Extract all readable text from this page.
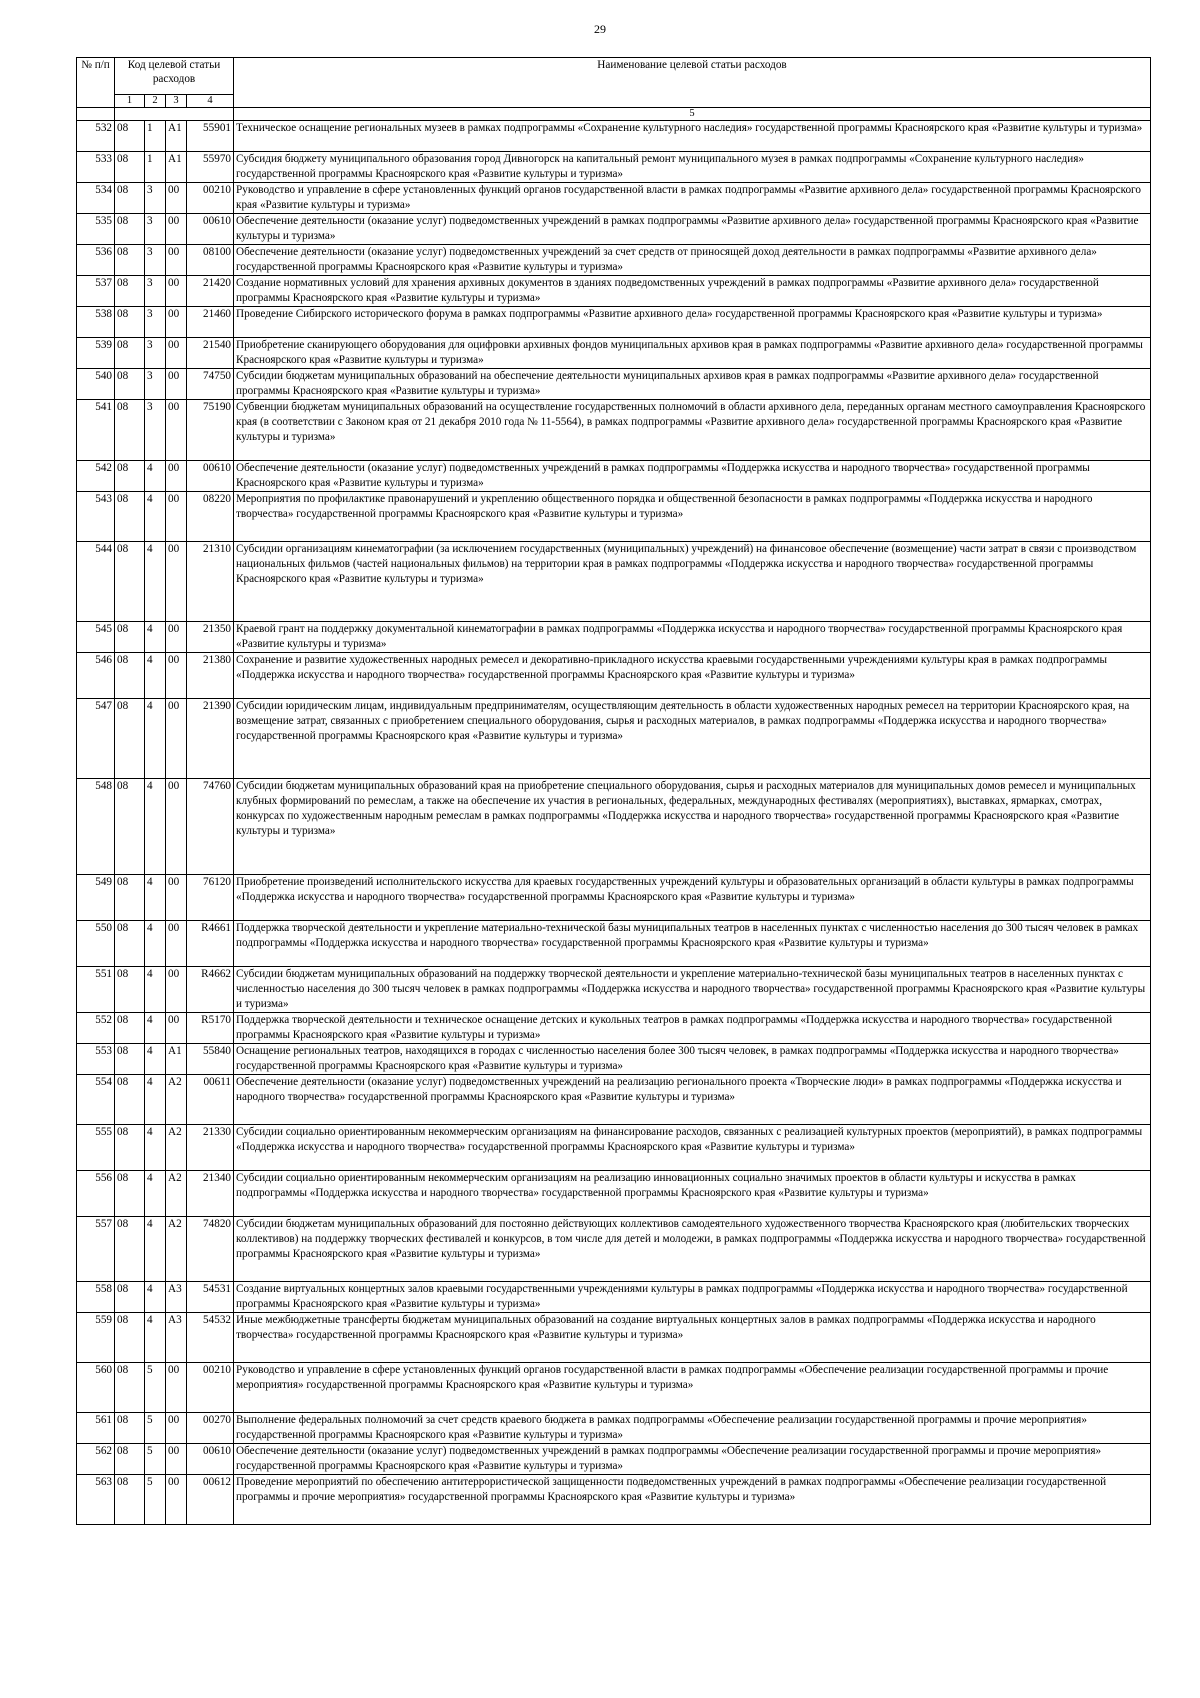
29
№ п/п	Код целевой статьи расходов				Наименование целевой статьи расходов
	1	2	3	4	
					5
532	08	1	A1	55901	Техническое оснащение региональных музеев в рамках подпрограммы «Сохранение культурного наследия» государственной программы Красноярского края «Развитие культуры и туризма»
533	08	1	A1	55970	Субсидия бюджету муниципального образования город Дивногорск на капитальный ремонт муниципального музея в рамках подпрограммы «Сохранение культурного наследия» государственной программы Красноярского края «Развитие культуры и туризма»
534	08	3	00	00210	Руководство и управление в сфере установленных функций органов государственной власти в рамках подпрограммы «Развитие архивного дела» государственной программы Красноярского края «Развитие культуры и туризма»
535	08	3	00	00610	Обеспечение деятельности (оказание услуг) подведомственных учреждений в рамках подпрограммы «Развитие архивного дела» государственной программы Красноярского края «Развитие культуры и туризма»
536	08	3	00	08100	Обеспечение деятельности (оказание услуг) подведомственных учреждений за счет средств от приносящей доход деятельности в рамках подпрограммы «Развитие архивного дела» государственной программы Красноярского края «Развитие культуры и туризма»
537	08	3	00	21420	Создание нормативных условий для хранения архивных документов в зданиях подведомственных учреждений в рамках подпрограммы «Развитие архивного дела» государственной программы Красноярского края «Развитие культуры и туризма»
538	08	3	00	21460	Проведение Сибирского исторического форума в рамках подпрограммы «Развитие архивного дела» государственной программы Красноярского края «Развитие культуры и туризма»
539	08	3	00	21540	Приобретение сканирующего оборудования для оцифровки архивных фондов муниципальных архивов края в рамках подпрограммы «Развитие архивного дела» государственной программы Красноярского края «Развитие культуры и туризма»
540	08	3	00	74750	Субсидии бюджетам муниципальных образований на обеспечение деятельности муниципальных архивов края в рамках подпрограммы «Развитие архивного дела» государственной программы Красноярского края «Развитие культуры и туризма»
541	08	3	00	75190	Субвенции бюджетам муниципальных образований на осуществление государственных полномочий в области архивного дела, переданных органам местного самоуправления Красноярского края (в соответствии с Законом края от 21 декабря 2010 года № 11-5564), в рамках подпрограммы «Развитие архивного дела» государственной программы Красноярского края «Развитие культуры и туризма»
542	08	4	00	00610	Обеспечение деятельности (оказание услуг) подведомственных учреждений в рамках подпрограммы «Поддержка искусства и народного творчества» государственной программы Красноярского края «Развитие культуры и туризма»
543	08	4	00	08220	Мероприятия по профилактике правонарушений и укреплению общественного порядка и общественной безопасности в рамках подпрограммы «Поддержка искусства и народного творчества» государственной программы Красноярского края «Развитие культуры и туризма»
544	08	4	00	21310	Субсидии организациям кинематографии (за исключением государственных (муниципальных) учреждений) на финансовое обеспечение (возмещение) части затрат в связи с производством национальных фильмов (частей национальных фильмов) на территории края в рамках подпрограммы «Поддержка искусства и народного творчества» государственной программы Красноярского края «Развитие культуры и туризма»
545	08	4	00	21350	Краевой грант на поддержку документальной кинематографии в рамках подпрограммы «Поддержка искусства и народного творчества» государственной программы Красноярского края «Развитие культуры и туризма»
546	08	4	00	21380	Сохранение и развитие художественных народных ремесел и декоративно-прикладного искусства краевыми государственными учреждениями культуры края в рамках подпрограммы «Поддержка искусства и народного творчества» государственной программы Красноярского края «Развитие культуры и туризма»
547	08	4	00	21390	Субсидии юридическим лицам, индивидуальным предпринимателям, осуществляющим деятельность в области художественных народных ремесел на территории Красноярского края, на возмещение затрат, связанных с приобретением специального оборудования, сырья и расходных материалов, в рамках подпрограммы «Поддержка искусства и народного творчества» государственной программы Красноярского края «Развитие культуры и туризма»
548	08	4	00	74760	Субсидии бюджетам муниципальных образований края на приобретение специального оборудования, сырья и расходных материалов для муниципальных домов ремесел и муниципальных клубных формирований по ремеслам, а также на обеспечение их участия в региональных, федеральных, международных фестивалях (мероприятиях), выставках, ярмарках, смотрах, конкурсах по художественным народным ремеслам в рамках подпрограммы «Поддержка искусства и народного творчества» государственной программы Красноярского края «Развитие культуры и туризма»
549	08	4	00	76120	Приобретение произведений исполнительского искусства для краевых государственных учреждений культуры и образовательных организаций в области культуры в рамках подпрограммы «Поддержка искусства и народного творчества» государственной программы Красноярского края «Развитие культуры и туризма»
550	08	4	00	R4661	Поддержка творческой деятельности и укрепление материально-технической базы муниципальных театров в населенных пунктах с численностью населения до 300 тысяч человек в рамках подпрограммы «Поддержка искусства и народного творчества» государственной программы Красноярского края «Развитие культуры и туризма»
551	08	4	00	R4662	Субсидии бюджетам муниципальных образований на поддержку творческой деятельности и укрепление материально-технической базы муниципальных театров в населенных пунктах с численностью населения до 300 тысяч человек в рамках подпрограммы «Поддержка искусства и народного творчества» государственной программы Красноярского края «Развитие культуры и туризма»
552	08	4	00	R5170	Поддержка творческой деятельности и техническое оснащение детских и кукольных театров в рамках подпрограммы «Поддержка искусства и народного творчества» государственной программы Красноярского края «Развитие культуры и туризма»
553	08	4	A1	55840	Оснащение региональных театров, находящихся в городах с численностью населения более 300 тысяч человек, в рамках подпрограммы «Поддержка искусства и народного творчества» государственной программы Красноярского края «Развитие культуры и туризма»
554	08	4	A2	00611	Обеспечение деятельности (оказание услуг) подведомственных учреждений на реализацию регионального проекта «Творческие люди» в рамках подпрограммы «Поддержка искусства и народного творчества» государственной программы Красноярского края «Развитие культуры и туризма»
555	08	4	A2	21330	Субсидии социально ориентированным некоммерческим организациям на финансирование расходов, связанных с реализацией культурных проектов (мероприятий), в рамках подпрограммы «Поддержка искусства и народного творчества» государственной программы Красноярского края «Развитие культуры и туризма»
556	08	4	A2	21340	Субсидии социально ориентированным некоммерческим организациям на реализацию инновационных социально значимых проектов в области культуры и искусства в рамках подпрограммы «Поддержка искусства и народного творчества» государственной программы Красноярского края «Развитие культуры и туризма»
557	08	4	A2	74820	Субсидии бюджетам муниципальных образований для постоянно действующих коллективов самодеятельного художественного творчества Красноярского края (любительских творческих коллективов) на поддержку творческих фестивалей и конкурсов, в том числе для детей и молодежи, в рамках подпрограммы «Поддержка искусства и народного творчества» государственной программы Красноярского края «Развитие культуры и туризма»
558	08	4	A3	54531	Создание виртуальных концертных залов краевыми государственными учреждениями культуры в рамках подпрограммы «Поддержка искусства и народного творчества» государственной программы Красноярского края «Развитие культуры и туризма»
559	08	4	A3	54532	Иные межбюджетные трансферты бюджетам муниципальных образований на создание виртуальных концертных залов в рамках подпрограммы «Поддержка искусства и народного творчества» государственной программы Красноярского края «Развитие культуры и туризма»
560	08	5	00	00210	Руководство и управление в сфере установленных функций органов государственной власти в рамках подпрограммы «Обеспечение реализации государственной программы и прочие мероприятия» государственной программы Красноярского края «Развитие культуры и туризма»
561	08	5	00	00270	Выполнение федеральных полномочий за счет средств краевого бюджета в рамках подпрограммы «Обеспечение реализации государственной программы и прочие мероприятия» государственной программы Красноярского края «Развитие культуры и туризма»
562	08	5	00	00610	Обеспечение деятельности (оказание услуг) подведомственных учреждений в рамках подпрограммы «Обеспечение реализации государственной программы и прочие мероприятия» государственной программы Красноярского края «Развитие культуры и туризма»
563	08	5	00	00612	Проведение мероприятий по обеспечению антитеррористической защищенности подведомственных учреждений в рамках подпрограммы «Обеспечение реализации государственной программы и прочие мероприятия» государственной программы Красноярского края «Развитие культуры и туризма»
